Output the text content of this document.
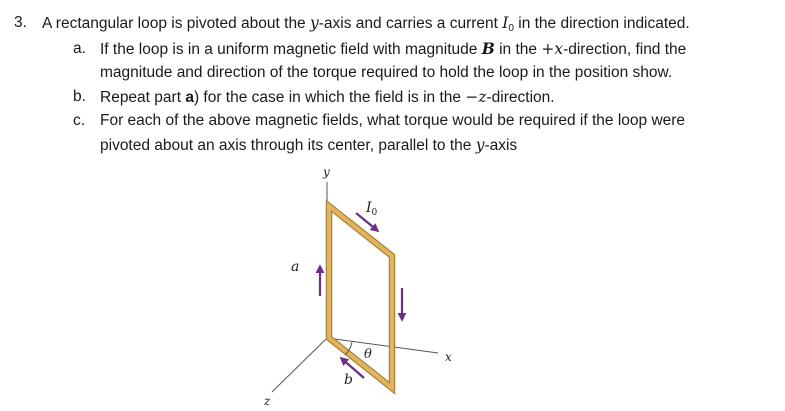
3. A rectangular loop is pivoted about the y-axis and carries a current $I_0$ in the direction indicated.
a. If the loop is in a uniform magnetic field with magnitude B in the +x-direction, find the
magnitude and direction of the torque required to hold the loop in the position show.
b. Repeat part a) for the case in which the field is in the −z-direction.
c. For each of the above magnetic fields, what torque would be required if the loop were
pivoted about an axis through its center, parallel to the y-axis
y
x
z
$I_0$
a
b
θ
